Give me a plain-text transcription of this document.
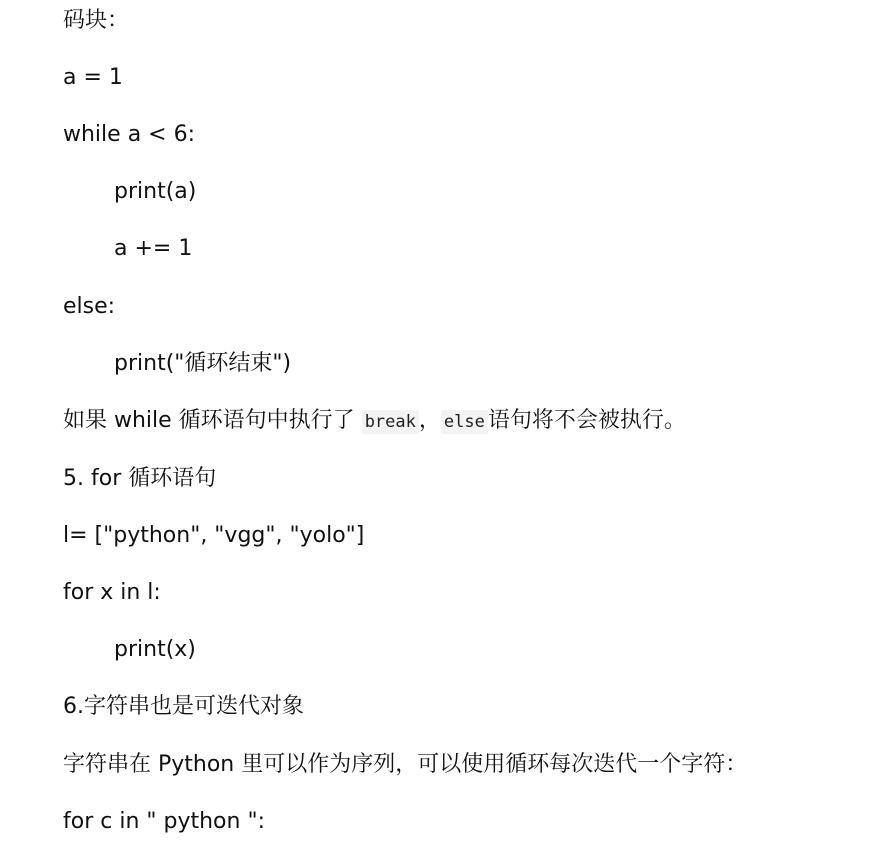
码块：
a = 1
while a < 6:
print(a)
a += 1
else:
print("循环结束")
如果 while 循环语句中执行了 break ， else 语句将不会被执行。
5. for 循环语句
l= ["python", "vgg", "yolo"]
for x in l:
print(x)
6.字符串也是可迭代对象
字符串在 Python 里可以作为序列，可以使用循环每次迭代一个字符：
for c in " python ":
